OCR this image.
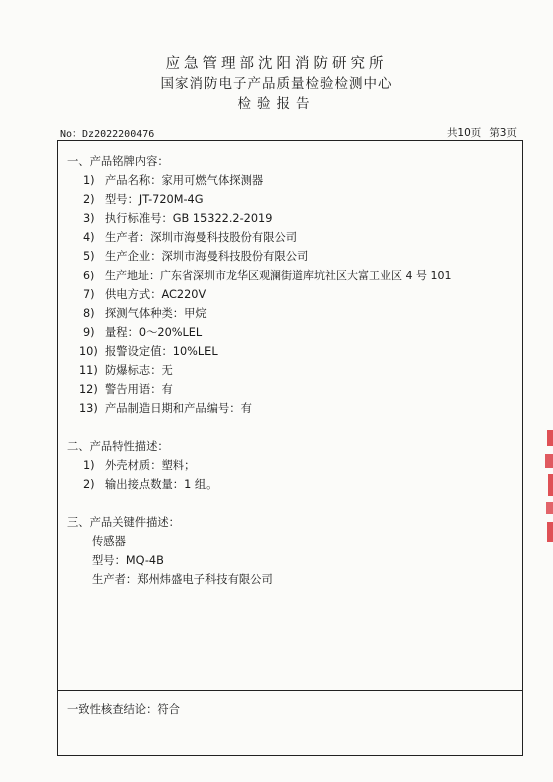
应急管理部沈阳消防研究所
国家消防电子产品质量检验检测中心
检验报告
No：Dz2022200476	共10页 第3页
一、产品铭牌内容：
1) 产品名称：家用可燃气体探测器
2) 型号：JT-720M-4G
3) 执行标准号：GB 15322.2-2019
4) 生产者：深圳市海曼科技股份有限公司
5) 生产企业：深圳市海曼科技股份有限公司
6) 生产地址：广东省深圳市龙华区观澜街道库坑社区大富工业区 4 号 101
7) 供电方式：AC220V
8) 探测气体种类：甲烷
9) 量程：0～20%LEL
10) 报警设定值：10%LEL
11) 防爆标志：无
12) 警告用语：有
13) 产品制造日期和产品编号：有
二、产品特性描述：
1) 外壳材质：塑料；
2) 输出接点数量：1 组。
三、产品关键件描述：
传感器
型号：MQ-4B
生产者：郑州炜盛电子科技有限公司
一致性核查结论：符合
